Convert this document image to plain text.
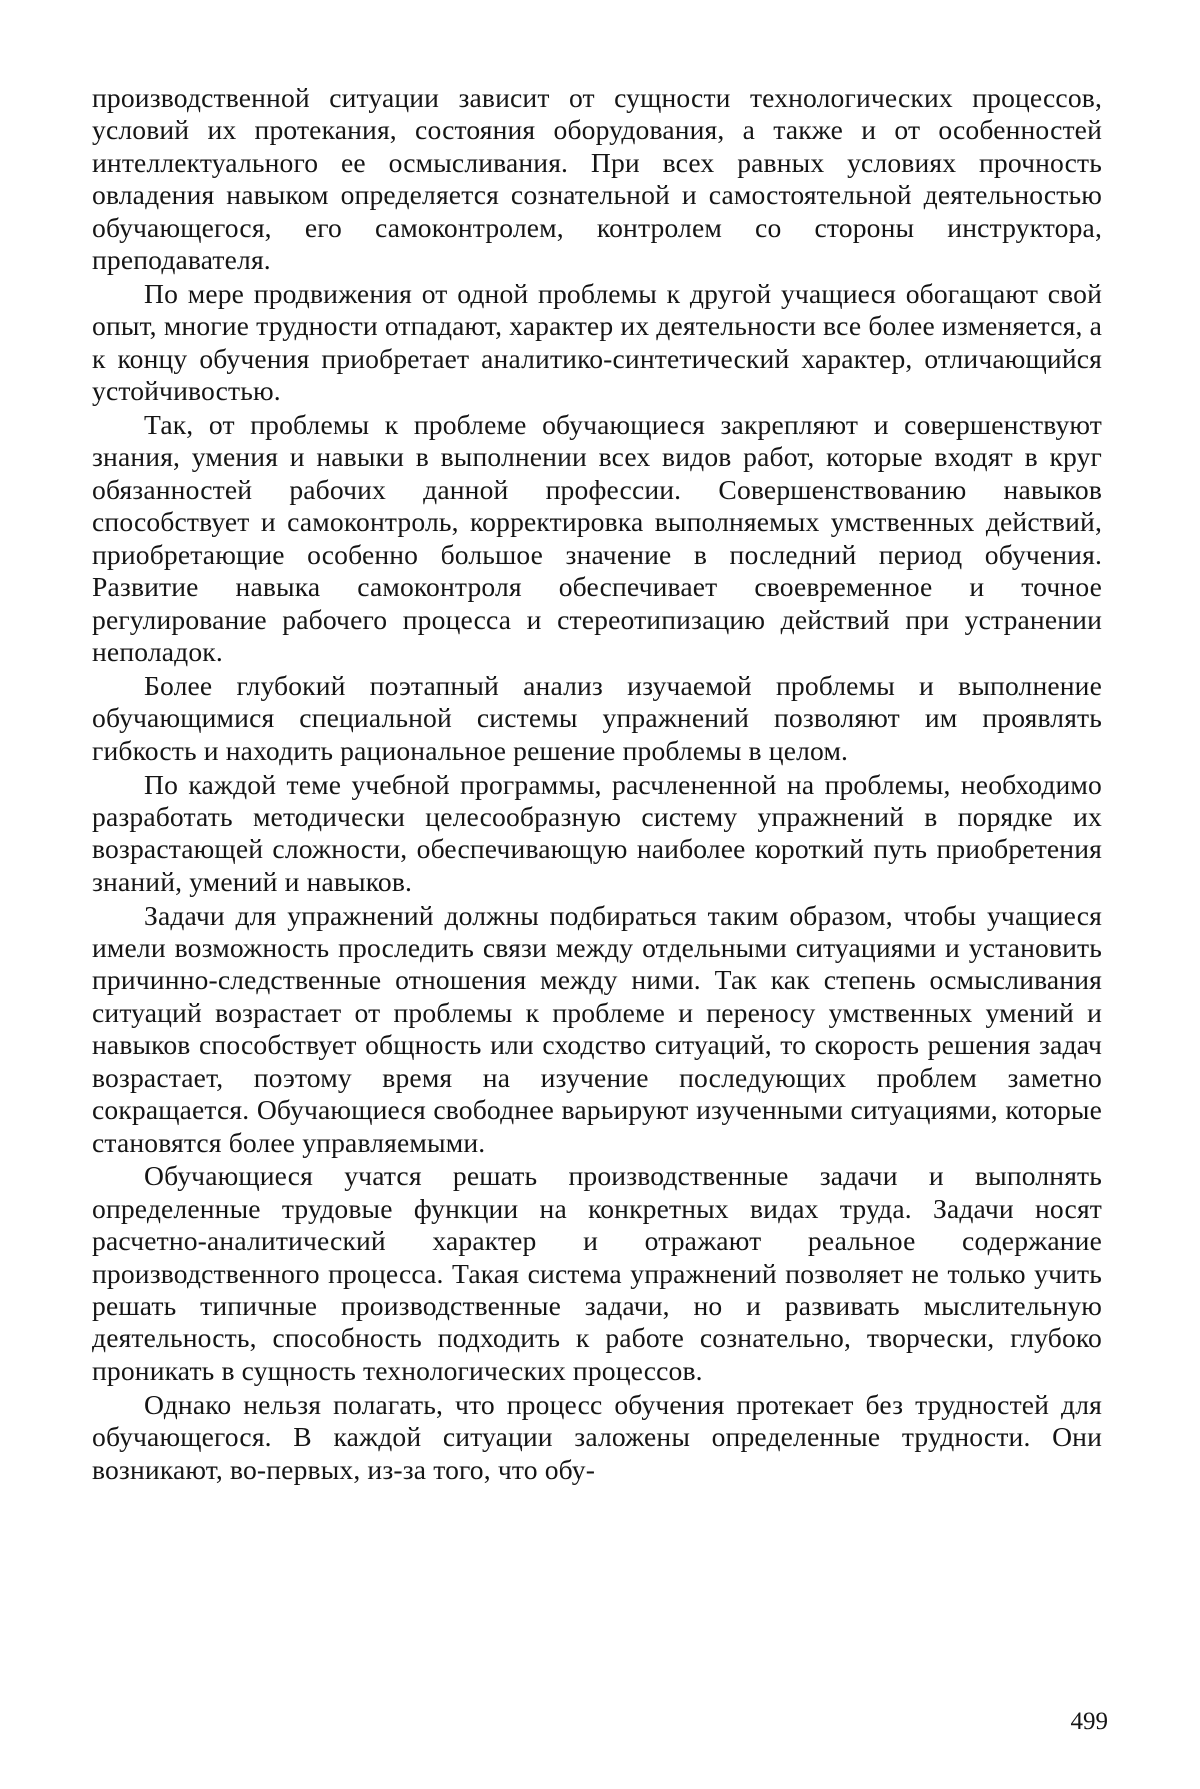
производственной ситуации зависит от сущности технологических процессов, условий их протекания, состояния оборудования, а также и от особенностей интеллектуального ее осмысливания. При всех равных условиях прочность овладения навыком определяется сознательной и самостоятельной деятельностью обучающегося, его самоконтролем, контролем со стороны инструктора, преподавателя.

По мере продвижения от одной проблемы к другой учащиеся обогащают свой опыт, многие трудности отпадают, характер их деятельности все более изменяется, а к концу обучения приобретает аналитико-синтетический характер, отличающийся устойчивостью.

Так, от проблемы к проблеме обучающиеся закрепляют и совершенствуют знания, умения и навыки в выполнении всех видов работ, которые входят в круг обязанностей рабочих данной профессии. Совершенствованию навыков способствует и самоконтроль, корректировка выполняемых умственных действий, приобретающие особенно большое значение в последний период обучения. Развитие навыка самоконтроля обеспечивает своевременное и точное регулирование рабочего процесса и стереотипизацию действий при устранении неполадок.

Более глубокий поэтапный анализ изучаемой проблемы и выполнение обучающимися специальной системы упражнений позволяют им проявлять гибкость и находить рациональное решение проблемы в целом.

По каждой теме учебной программы, расчлененной на проблемы, необходимо разработать методически целесообразную систему упражнений в порядке их возрастающей сложности, обеспечивающую наиболее короткий путь приобретения знаний, умений и навыков.

Задачи для упражнений должны подбираться таким образом, чтобы учащиеся имели возможность проследить связи между отдельными ситуациями и установить причинно-следственные отношения между ними. Так как степень осмысливания ситуаций возрастает от проблемы к проблеме и переносу умственных умений и навыков способствует общность или сходство ситуаций, то скорость решения задач возрастает, поэтому время на изучение последующих проблем заметно сокращается. Обучающиеся свободнее варьируют изученными ситуациями, которые становятся более управляемыми.

Обучающиеся учатся решать производственные задачи и выполнять определенные трудовые функции на конкретных видах труда. Задачи носят расчетно-аналитический характер и отражают реальное содержание производственного процесса. Такая система упражнений позволяет не только учить решать типичные производственные задачи, но и развивать мыслительную деятельность, способность подходить к работе сознательно, творчески, глубоко проникать в сущность технологических процессов.

Однако нельзя полагать, что процесс обучения протекает без трудностей для обучающегося. В каждой ситуации заложены определенные трудности. Они возникают, во-первых, из-за того, что обу-

499
